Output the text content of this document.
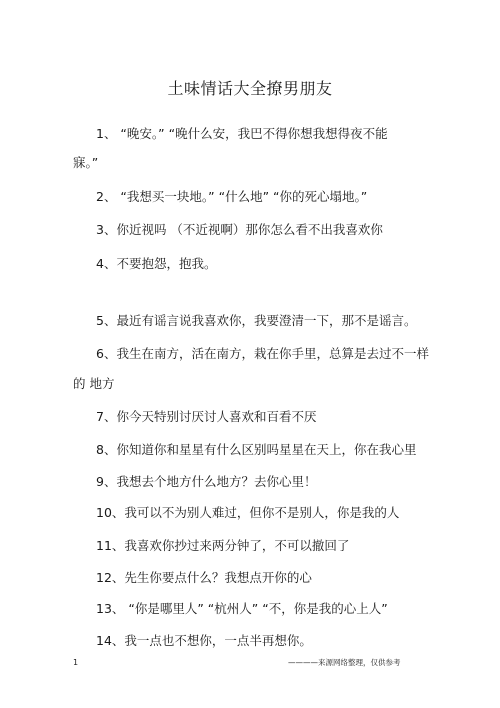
土味情话大全撩男朋友
1、 “晚安。” “晚什么安，我巴不得你想我想得夜不能
寐。”
2、 “我想买一块地。” “什么地” “你的死心塌地。”
3、你近视吗 （不近视啊）那你怎么看不出我喜欢你
4、不要抱怨，抱我。
5、最近有谣言说我喜欢你，我要澄清一下，那不是谣言。
6、我生在南方，活在南方，栽在你手里，总算是去过不一样
的 地方
7、你今天特别讨厌讨人喜欢和百看不厌
8、你知道你和星星有什么区别吗星星在天上，你在我心里
9、我想去个地方什么地方？去你心里！
10、我可以不为别人难过，但你不是别人，你是我的人
11、我喜欢你抄过来两分钟了，不可以撤回了
12、先生你要点什么？我想点开你的心
13、 “你是哪里人” “杭州人” “不，你是我的心上人”
14、我一点也不想你，一点半再想你。
1	————来源网络整理，仅供参考
